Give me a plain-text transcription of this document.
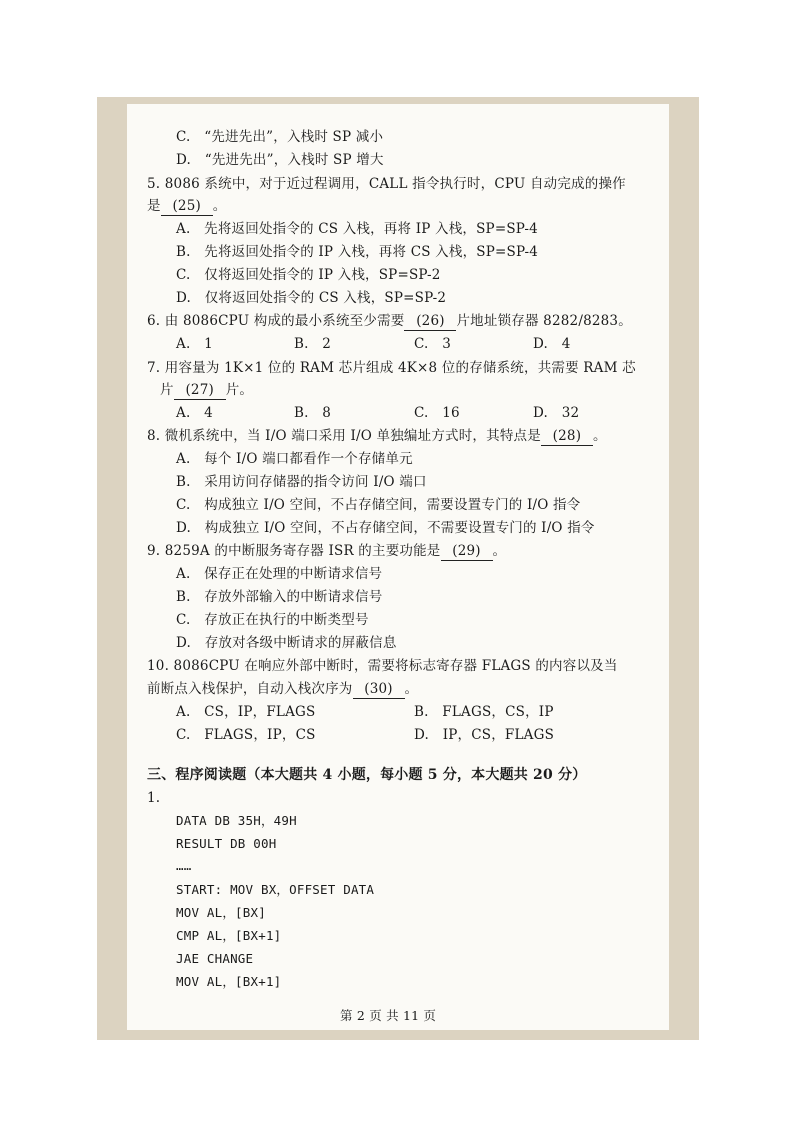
C.　“先进先出”，入栈时 SP 减小
D.　“先进先出”，入栈时 SP 增大
5. 8086 系统中，对于近过程调用，CALL 指令执行时，CPU 自动完成的操作
是 (25) 。
A.　先将返回处指令的 CS 入栈，再将 IP 入栈，SP=SP-4
B.　先将返回处指令的 IP 入栈，再将 CS 入栈，SP=SP-4
C.　仅将返回处指令的 IP 入栈，SP=SP-2
D.　仅将返回处指令的 CS 入栈，SP=SP-2
6. 由 8086CPU 构成的最小系统至少需要 (26) 片地址锁存器 8282/8283。
A.　1	B.　2	C.　3	D.　4
7. 用容量为 1K×1 位的 RAM 芯片组成 4K×8 位的存储系统，共需要 RAM 芯
片 (27) 片。
A.　4	B.　8	C.　16	D.　32
8. 微机系统中，当 I/O 端口采用 I/O 单独编址方式时，其特点是 (28) 。
A.　每个 I/O 端口都看作一个存储单元
B.　采用访问存储器的指令访问 I/O 端口
C.　构成独立 I/O 空间，不占存储空间，需要设置专门的 I/O 指令
D.　构成独立 I/O 空间，不占存储空间，不需要设置专门的 I/O 指令
9. 8259A 的中断服务寄存器 ISR 的主要功能是 (29) 。
A.　保存正在处理的中断请求信号
B.　存放外部输入的中断请求信号
C.　存放正在执行的中断类型号
D.　存放对各级中断请求的屏蔽信息
10. 8086CPU 在响应外部中断时，需要将标志寄存器 FLAGS 的内容以及当
前断点入栈保护，自动入栈次序为 (30) 。
A.　CS，IP，FLAGS	B.　FLAGS，CS，IP
C.　FLAGS，IP，CS	D.　IP，CS，FLAGS
三、程序阅读题（本大题共 4 小题，每小题 5 分，本大题共 20 分）
1.
DATA DB 35H，49H
RESULT DB 00H
……
START: MOV BX，OFFSET DATA
MOV AL，[BX]
CMP AL，[BX+1]
JAE CHANGE
MOV AL，[BX+1]
第 2 页 共 11 页
